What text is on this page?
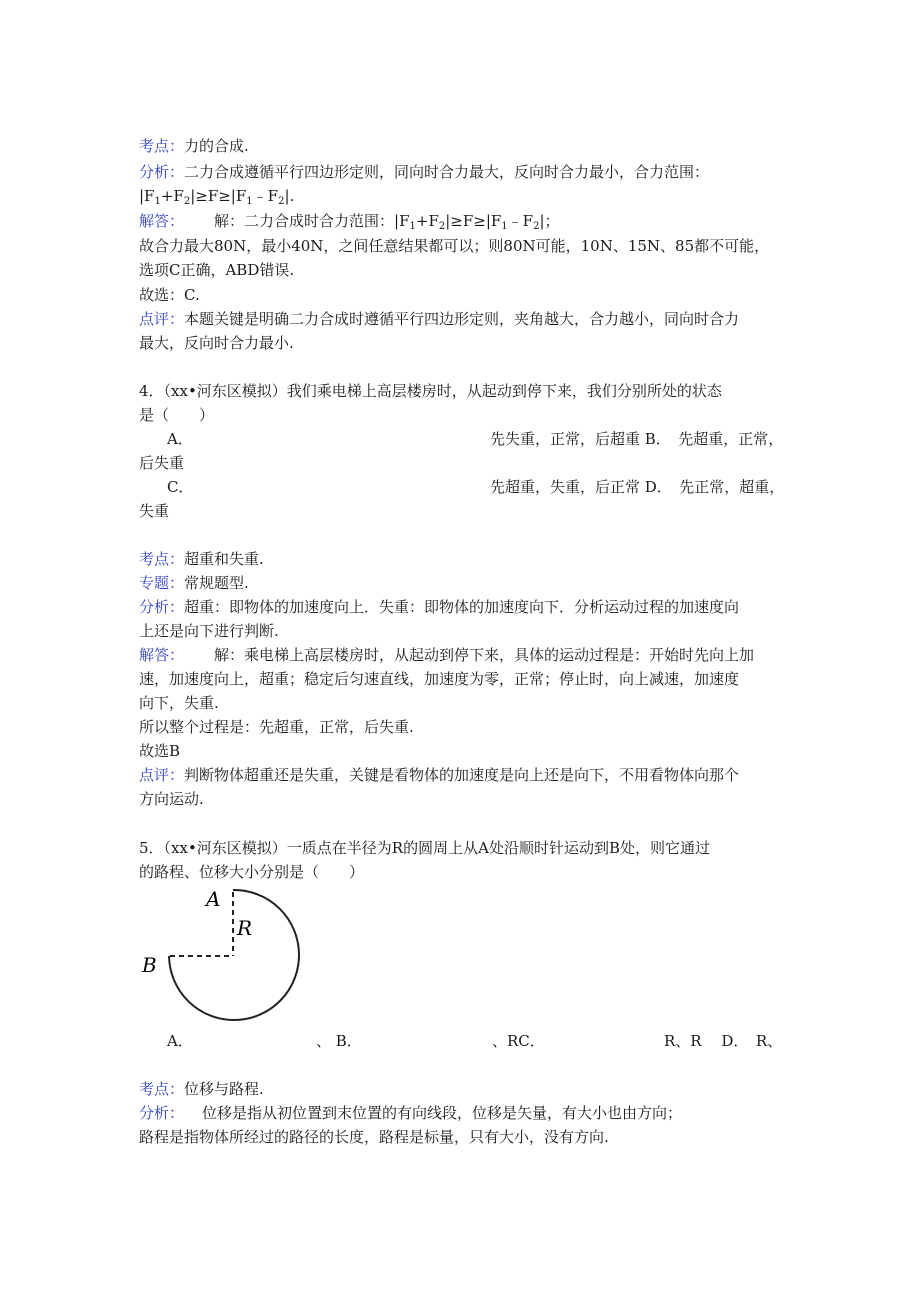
考点：力的合成.
分析：二力合成遵循平行四边形定则，同向时合力最大，反向时合力最小，合力范围：
$|F_1+F_2|\ge F\ge|F_1﹣F_2|$.
解答： 解：二力合成时合力范围：$|F_1+F_2|\ge F\ge|F_1﹣F_2|$；
故合力最大80N，最小40N，之间任意结果都可以；则80N可能，10N、15N、85都不可能，
选项C正确，ABD错误.
故选：C.
点评：本题关键是明确二力合成时遵循平行四边形定则，夹角越大，合力越小，同向时合力
最大，反向时合力最小.
4．（xx•河东区模拟）我们乘电梯上高层楼房时，从起动到停下来，我们分别所处的状态
是（　　）
A．	先失重，正常，后超重 B．　先超重，正常，
后失重
C．	先超重，失重，后正常 D．　先正常，超重，
失重
考点：超重和失重.
专题：常规题型.
分析：超重：即物体的加速度向上．失重：即物体的加速度向下．分析运动过程的加速度向
上还是向下进行判断.
解答： 解：乘电梯上高层楼房时，从起动到停下来，具体的运动过程是：开始时先向上加
速，加速度向上，超重；稳定后匀速直线，加速度为零，正常；停止时，向上减速，加速度
向下，失重.
所以整个过程是：先超重，正常，后失重.
故选B
点评：判断物体超重还是失重，关键是看物体的加速度是向上还是向下，不用看物体向那个
方向运动.
5．（xx•河东区模拟）一质点在半径为R的圆周上从A处沿顺时针运动到B处，则它通过
的路程、位移大小分别是（　　）
A
R
B
A．	、 B．	、RC．	R、R　 D．　R、
考点：位移与路程.
分析： 位移是指从初位置到末位置的有向线段，位移是矢量，有大小也由方向；
路程是指物体所经过的路径的长度，路程是标量，只有大小，没有方向.
